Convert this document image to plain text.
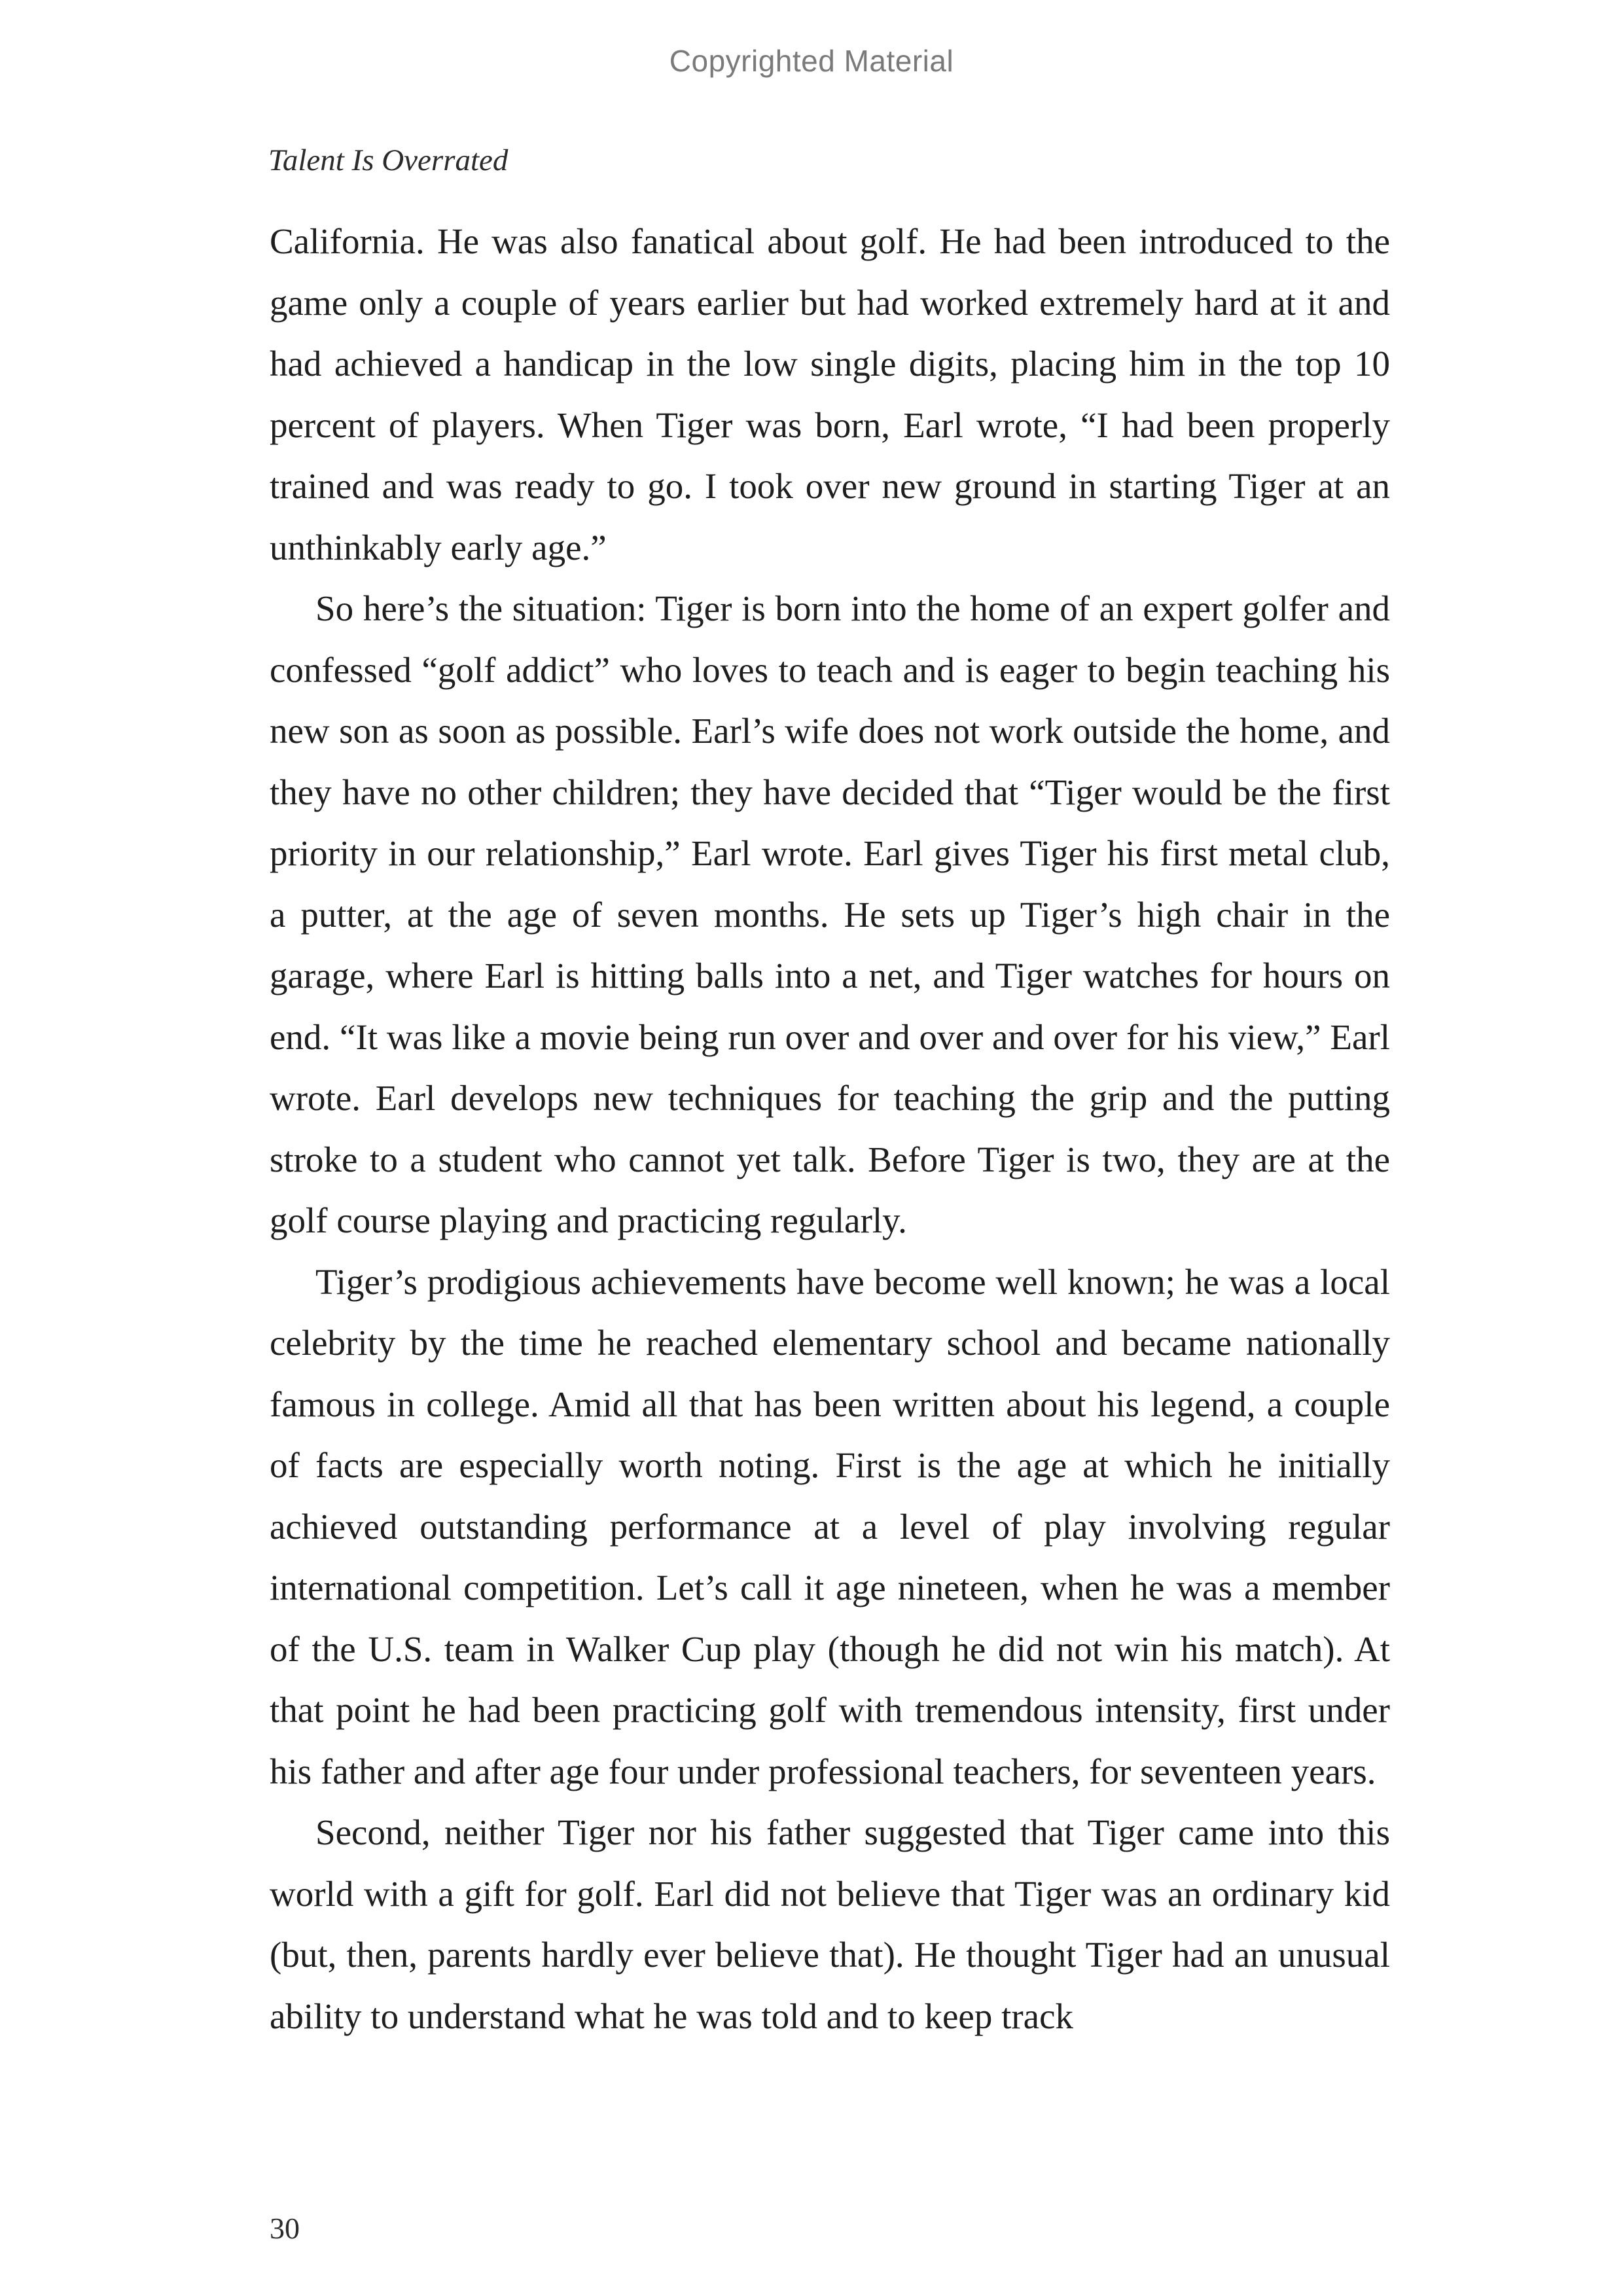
Copyrighted Material
Talent Is Overrated

California. He was also fanatical about golf. He had been introduced to the game only a couple of years earlier but had worked extremely hard at it and had achieved a handicap in the low single digits, placing him in the top 10 percent of players. When Tiger was born, Earl wrote, “I had been properly trained and was ready to go. I took over new ground in starting Tiger at an unthinkably early age.”

So here’s the situation: Tiger is born into the home of an expert golfer and confessed “golf addict” who loves to teach and is eager to begin teaching his new son as soon as possible. Earl’s wife does not work outside the home, and they have no other children; they have decided that “Tiger would be the first priority in our relationship,” Earl wrote. Earl gives Tiger his first metal club, a putter, at the age of seven months. He sets up Tiger’s high chair in the garage, where Earl is hitting balls into a net, and Tiger watches for hours on end. “It was like a movie being run over and over and over for his view,” Earl wrote. Earl develops new techniques for teaching the grip and the putting stroke to a student who cannot yet talk. Before Tiger is two, they are at the golf course playing and practicing regularly.

Tiger’s prodigious achievements have become well known; he was a local celebrity by the time he reached elementary school and became nationally famous in college. Amid all that has been written about his legend, a couple of facts are especially worth noting. First is the age at which he initially achieved outstanding performance at a level of play involving regular international competition. Let’s call it age nineteen, when he was a member of the U.S. team in Walker Cup play (though he did not win his match). At that point he had been practicing golf with tremendous intensity, first under his father and after age four under professional teachers, for seventeen years.

Second, neither Tiger nor his father suggested that Tiger came into this world with a gift for golf. Earl did not believe that Tiger was an ordinary kid (but, then, parents hardly ever believe that). He thought Tiger had an unusual ability to understand what he was told and to keep track

30
